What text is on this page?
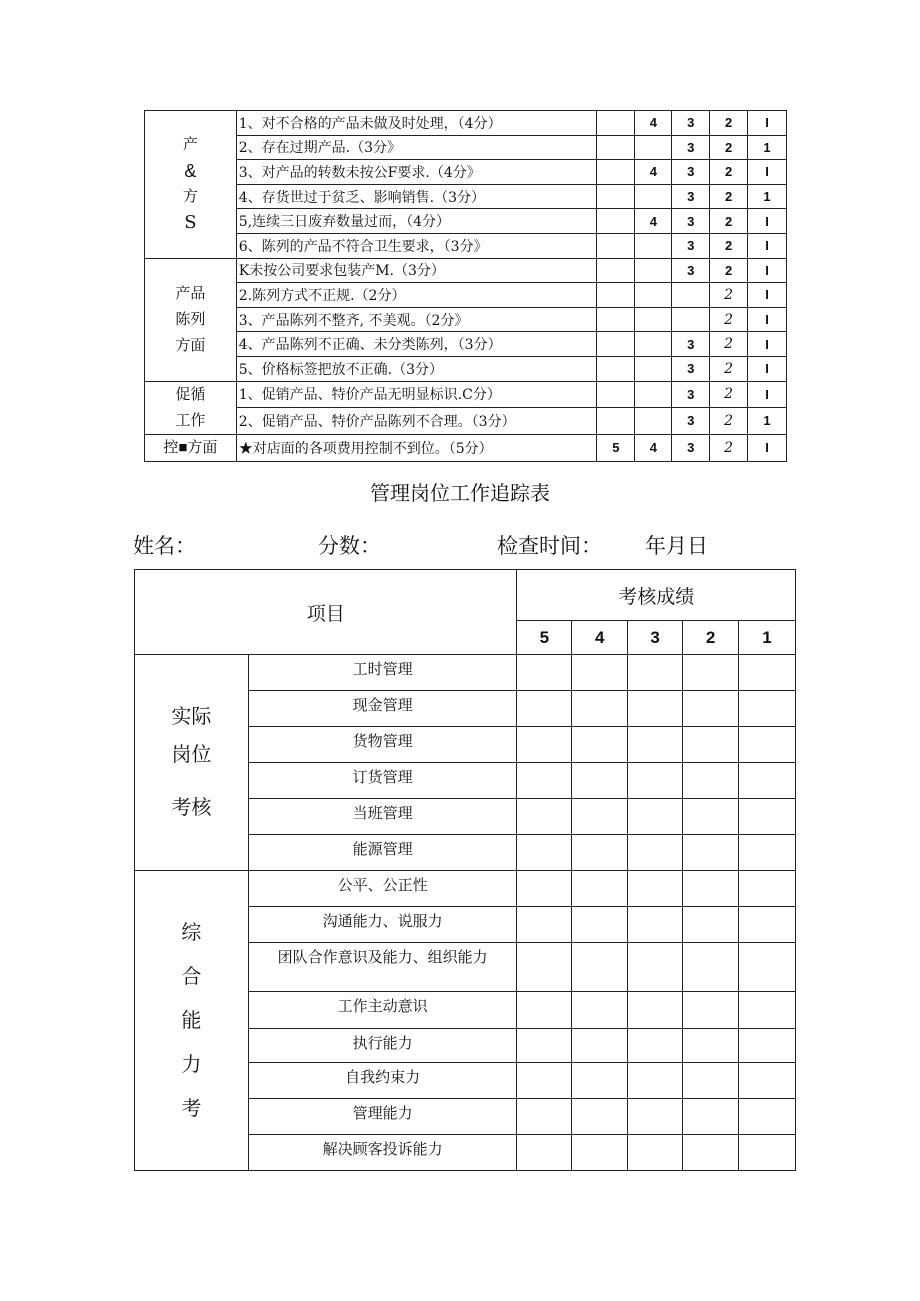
产
&
方
S	1、对不合格的产品未做及时处理，（4分）		4	3	2	I
	2、存在过期产品.（3分》			3	2	1
	3、对产品的转数未按公F要求.（4分》		4	3	2	I
	4、存货世过于贫乏、影响销售.（3分）			3	2	1
	5,连续三日废弃数量过而，（4分）		4	3	2	I
	6、陈列的产品不符合卫生要求，（3分》			3	2	I

产品
陈列
方面	K未按公司要求包装产M.（3分）			3	2	I
	2.陈列方式不正规.（2分）				2	I
	3、产品陈列不整齐, 不美观。（2分》				2	I
	4、产品陈列不正确、未分类陈列，（3分）			3	2	I
	5、价格标签把放不正确.（3分）			3	2	I

促循
工作	1、促销产品、特价产品无明显标识.C分）			3	2	I
	2、促销产品、特价产品陈列不合理。（3分）			3	2	1

控■方面	★对店面的各项费用控制不到位。（5分）	5	4	3	2	I
管理岗位工作追踪表
姓名：	分数：	检查时间： 年月日
项目		考核成绩				
		5	4	3	2	1

实际
岗位
考核	工时管理					
	现金管理					
	货物管理					
	订货管理					
	当班管理					
	能源管理					

综
合
能
力
考	公平、公正性					
	沟通能力、说服力					
	团队合作意识及能力、组织能力					
	工作主动意识					
	执行能力					
	自我约束力					
	管理能力					
	解决顾客投诉能力					
